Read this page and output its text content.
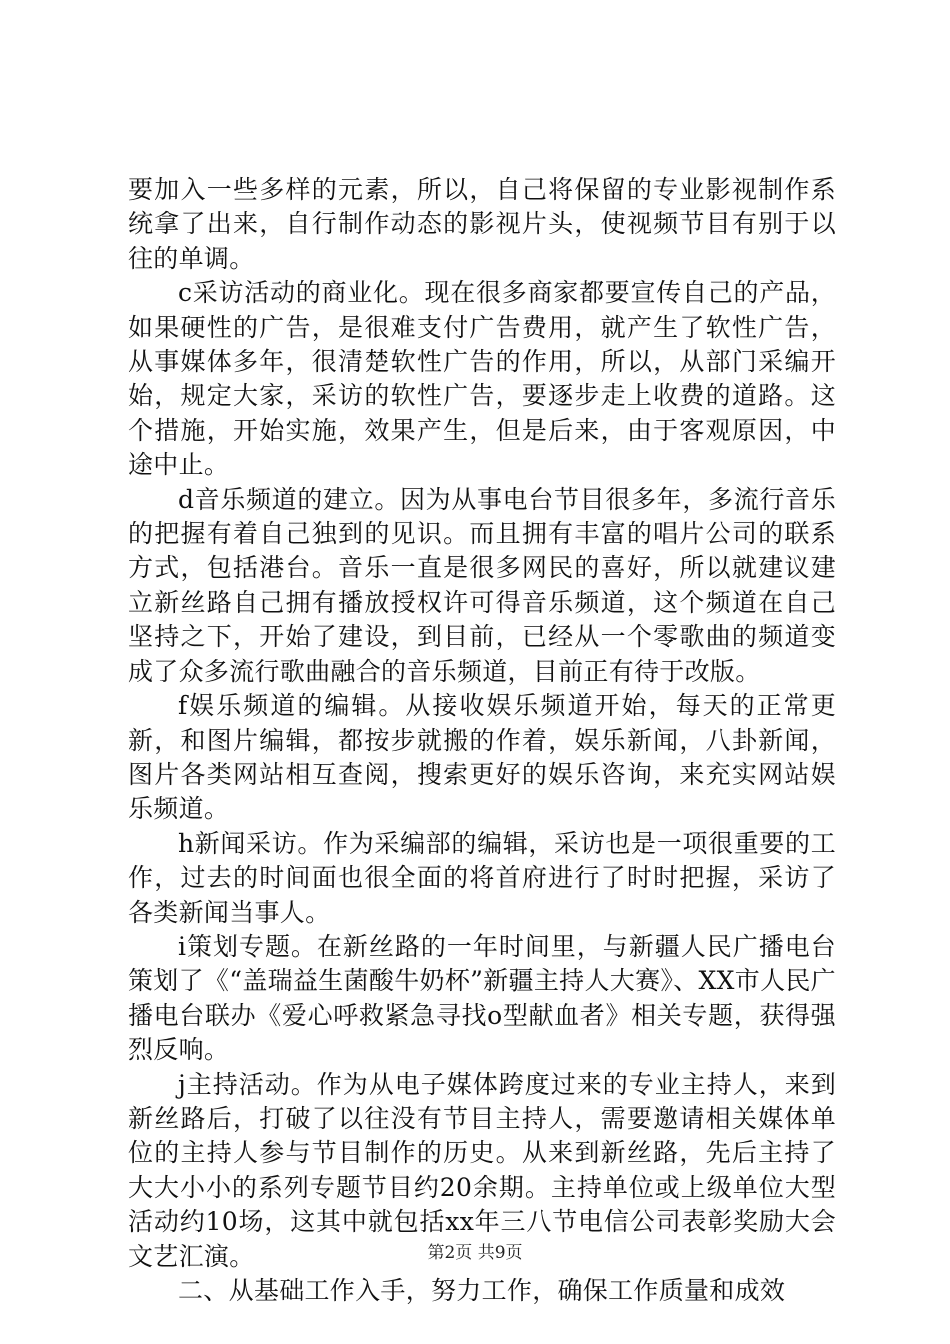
要加入一些多样的元素，所以，自己将保留的专业影视制作系统拿了出来，自行制作动态的影视片头，使视频节目有别于以往的单调。

c采访活动的商业化。现在很多商家都要宣传自己的产品，如果硬性的广告，是很难支付广告费用，就产生了软性广告，从事媒体多年，很清楚软性广告的作用，所以，从部门采编开始，规定大家，采访的软性广告，要逐步走上收费的道路。这个措施，开始实施，效果产生，但是后来，由于客观原因，中途中止。

d音乐频道的建立。因为从事电台节目很多年，多流行音乐的把握有着自己独到的见识。而且拥有丰富的唱片公司的联系方式，包括港台。音乐一直是很多网民的喜好，所以就建议建立新丝路自己拥有播放授权许可得音乐频道，这个频道在自己坚持之下，开始了建设，到目前，已经从一个零歌曲的频道变成了众多流行歌曲融合的音乐频道，目前正有待于改版。

f娱乐频道的编辑。从接收娱乐频道开始，每天的正常更新，和图片编辑，都按步就搬的作着，娱乐新闻，八卦新闻，图片各类网站相互查阅，搜索更好的娱乐咨询，来充实网站娱乐频道。

h新闻采访。作为采编部的编辑，采访也是一项很重要的工作，过去的时间面也很全面的将首府进行了时时把握，采访了各类新闻当事人。

i策划专题。在新丝路的一年时间里，与新疆人民广播电台策划了《“盖瑞益生菌酸牛奶杯”新疆主持人大赛》、XX市人民广播电台联办《爱心呼救紧急寻找o型献血者》相关专题，获得强烈反响。

j主持活动。作为从电子媒体跨度过来的专业主持人，来到新丝路后，打破了以往没有节目主持人，需要邀请相关媒体单位的主持人参与节目制作的历史。从来到新丝路，先后主持了大大小小的系列专题节目约20余期。主持单位或上级单位大型活动约10场，这其中就包括xx年三八节电信公司表彰奖励大会文艺汇演。

二、从基础工作入手，努力工作，确保工作质量和成效

第2页 共9页
